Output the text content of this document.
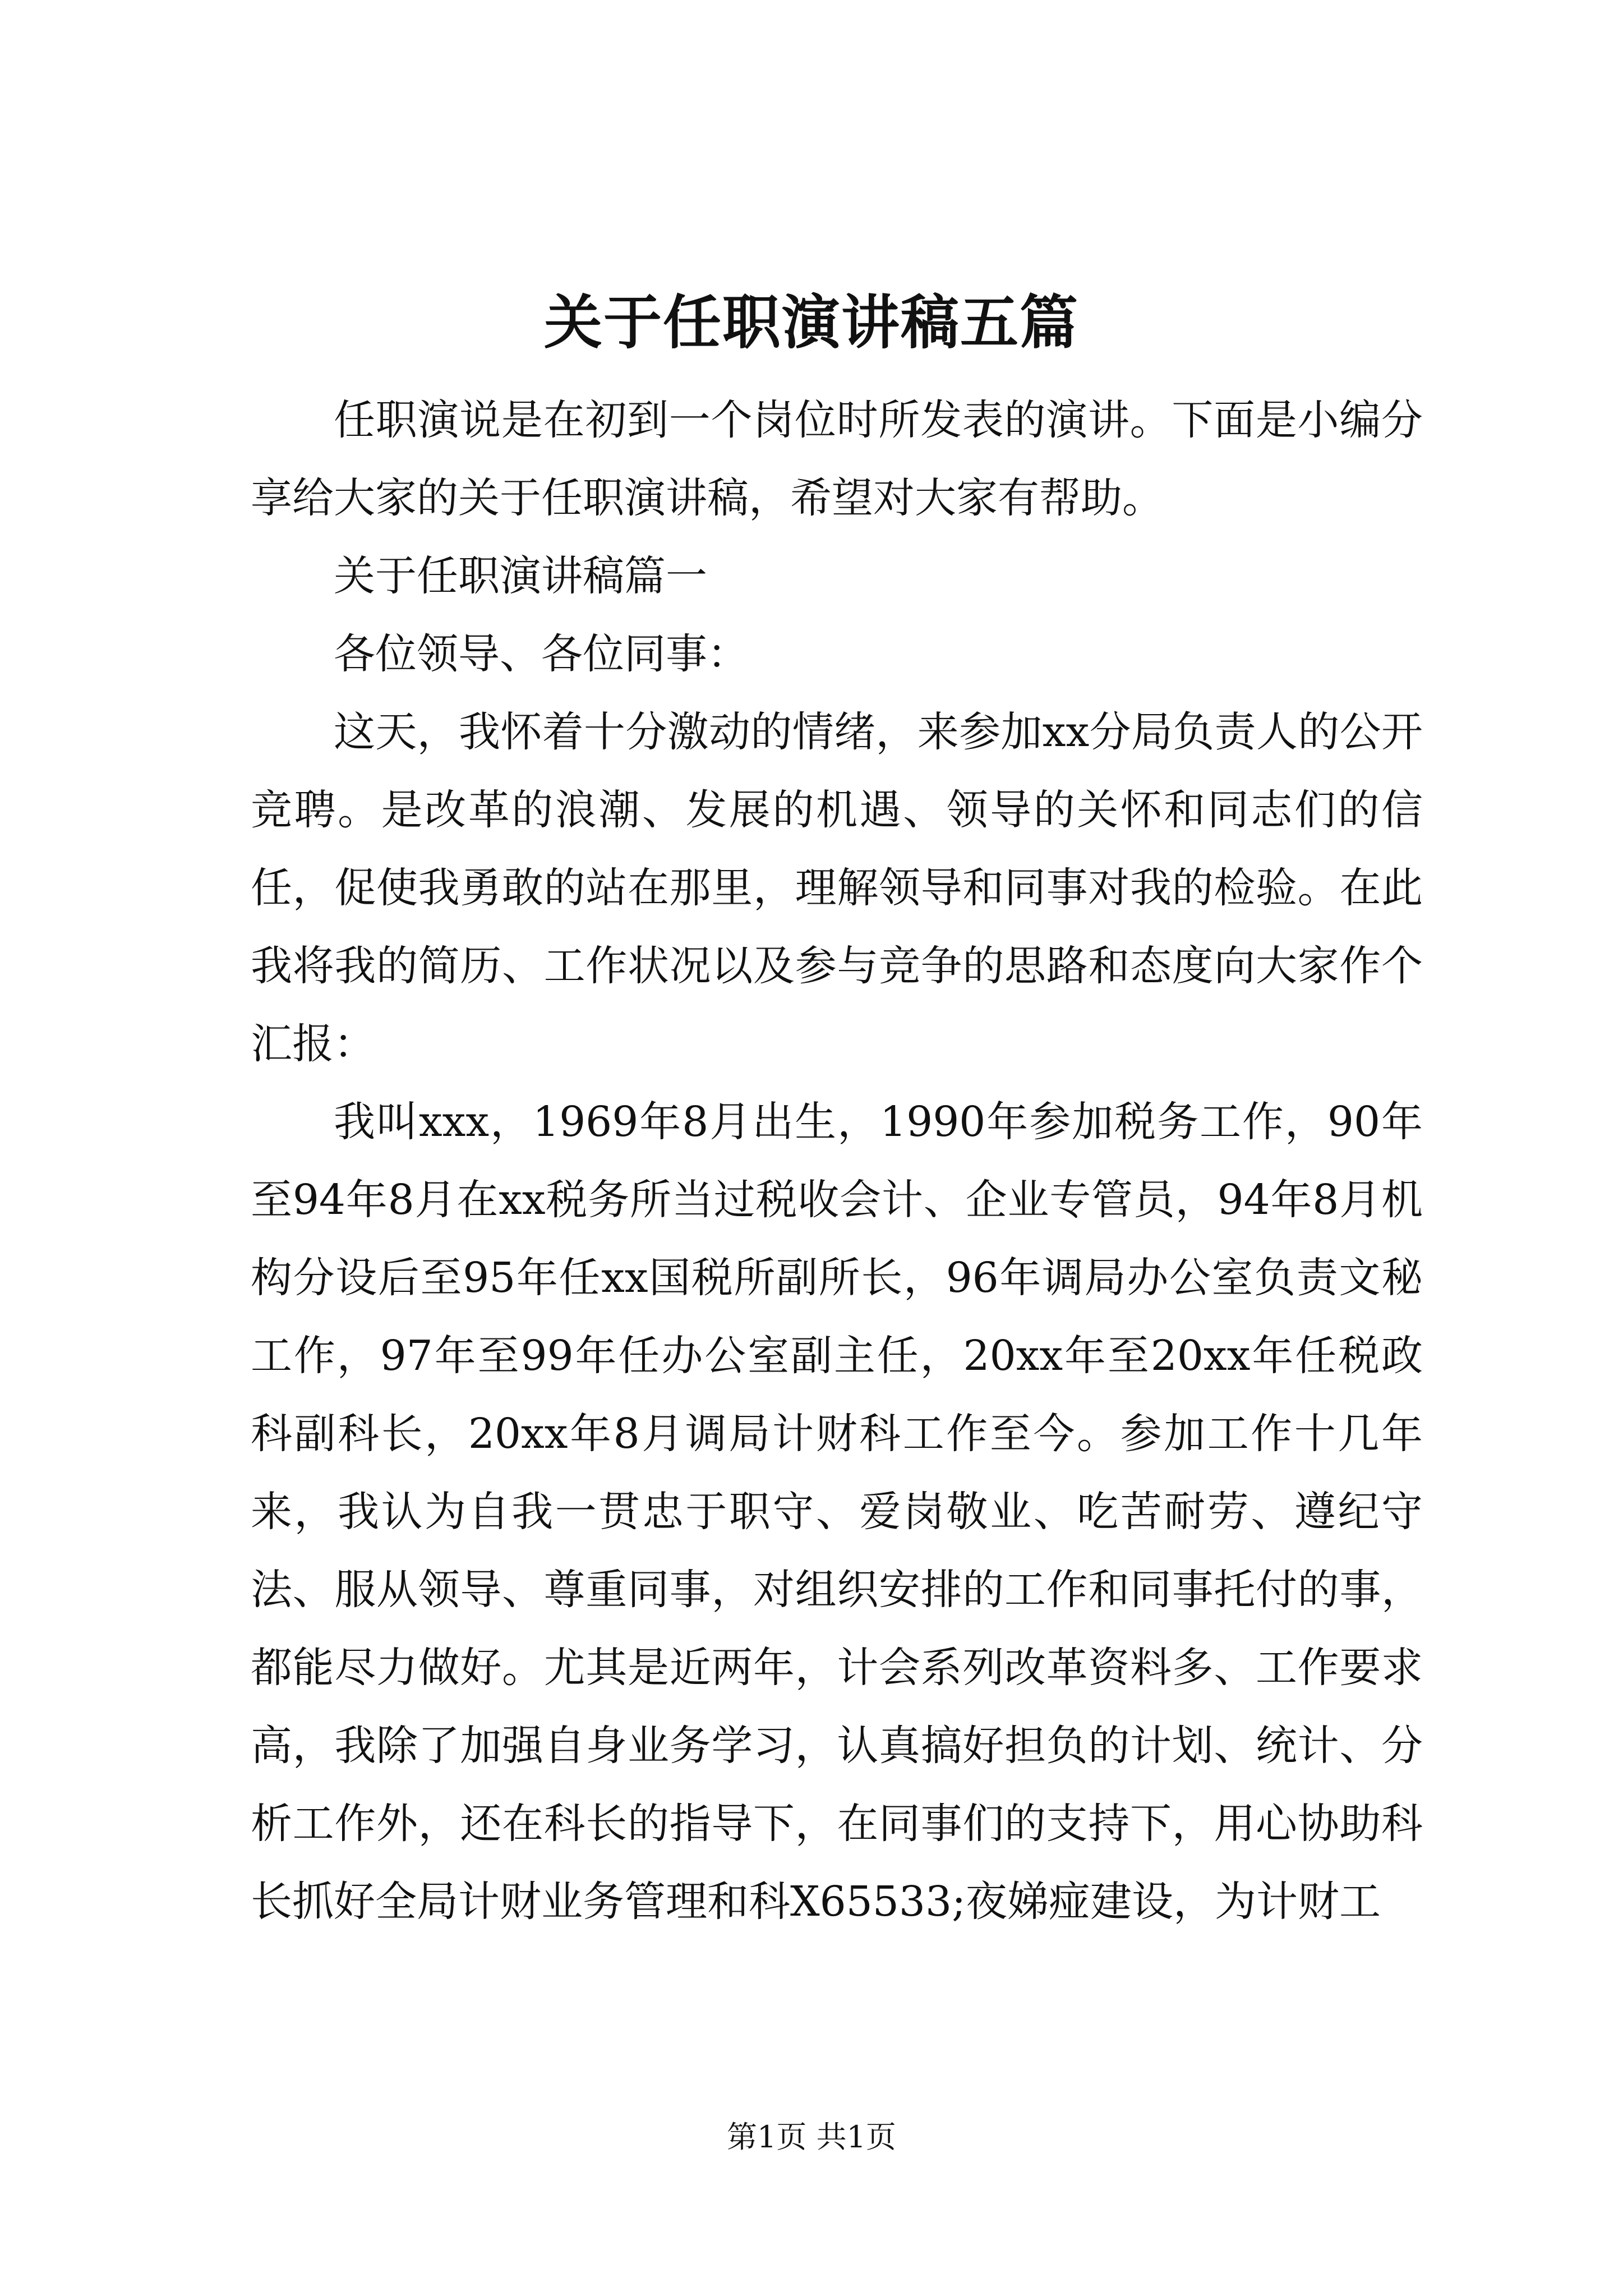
关于任职演讲稿五篇

任职演说是在初到一个岗位时所发表的演讲。下面是小编分享给大家的关于任职演讲稿，希望对大家有帮助。

关于任职演讲稿篇一

各位领导、各位同事：

这天，我怀着十分激动的情绪，来参加xx分局负责人的公开竞聘。是改革的浪潮、发展的机遇、领导的关怀和同志们的信任，促使我勇敢的站在那里，理解领导和同事对我的检验。在此我将我的简历、工作状况以及参与竞争的思路和态度向大家作个汇报：

我叫xxx，1969年8月出生，1990年参加税务工作，90年至94年8月在xx税务所当过税收会计、企业专管员，94年8月机构分设后至95年任xx国税所副所长，96年调局办公室负责文秘工作，97年至99年任办公室副主任，20xx年至20xx年任税政科副科长，20xx年8月调局计财科工作至今。参加工作十几年来，我认为自我一贯忠于职守、爱岗敬业、吃苦耐劳、遵纪守法、服从领导、尊重同事，对组织安排的工作和同事托付的事，都能尽力做好。尤其是近两年，计会系列改革资料多、工作要求高，我除了加强自身业务学习，认真搞好担负的计划、统计、分析工作外，还在科长的指导下，在同事们的支持下，用心协助科长抓好全局计财业务管理和科X65533;夜娣痖建设，为计财工

第1页 共1页
